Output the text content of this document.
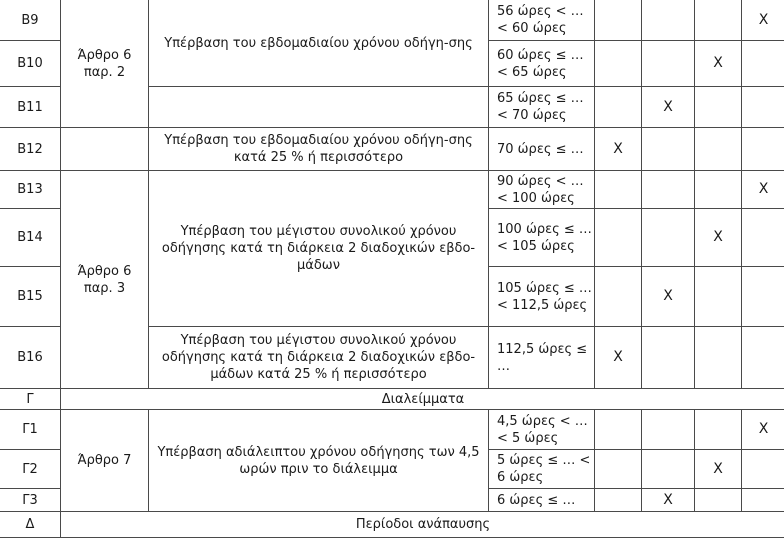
Β9	Άρθρο 6 παρ. 2	Υπέρβαση του εβδομαδιαίου χρόνου οδήγη-σης	56 ώρες < … < 60 ώρες				Χ
Β10			60 ώρες ≤ … < 65 ώρες			Χ	
Β11			65 ώρες ≤ … < 70 ώρες		Χ		
Β12		Υπέρβαση του εβδομαδιαίου χρόνου οδήγη-σης κατά 25 % ή περισσότερο	70 ώρες ≤ …	Χ			
Β13	Άρθρο 6 παρ. 3	Υπέρβαση του μέγιστου συνολικού χρόνου οδήγησης κατά τη διάρκεια 2 διαδοχικών εβδο-μάδων	90 ώρες < … < 100 ώρες				Χ
Β14			100 ώρες ≤ … < 105 ώρες			Χ	
Β15			105 ώρες ≤ … < 112,5 ώρες		Χ		
Β16		Υπέρβαση του μέγιστου συνολικού χρόνου οδήγησης κατά τη διάρκεια 2 διαδοχικών εβδο-μάδων κατά 25 % ή περισσότερο	112,5 ώρες ≤ …	Χ			
Γ	Διαλείμματα						
Γ1	Άρθρο 7	Υπέρβαση αδιάλειπτου χρόνου οδήγησης των 4,5 ωρών πριν το διάλειμμα	4,5 ώρες < … < 5 ώρες				Χ
Γ2			5 ώρες ≤ … < 6 ώρες			Χ	
Γ3			6 ώρες ≤ …		Χ		
Δ	Περίοδοι ανάπαυσης						
